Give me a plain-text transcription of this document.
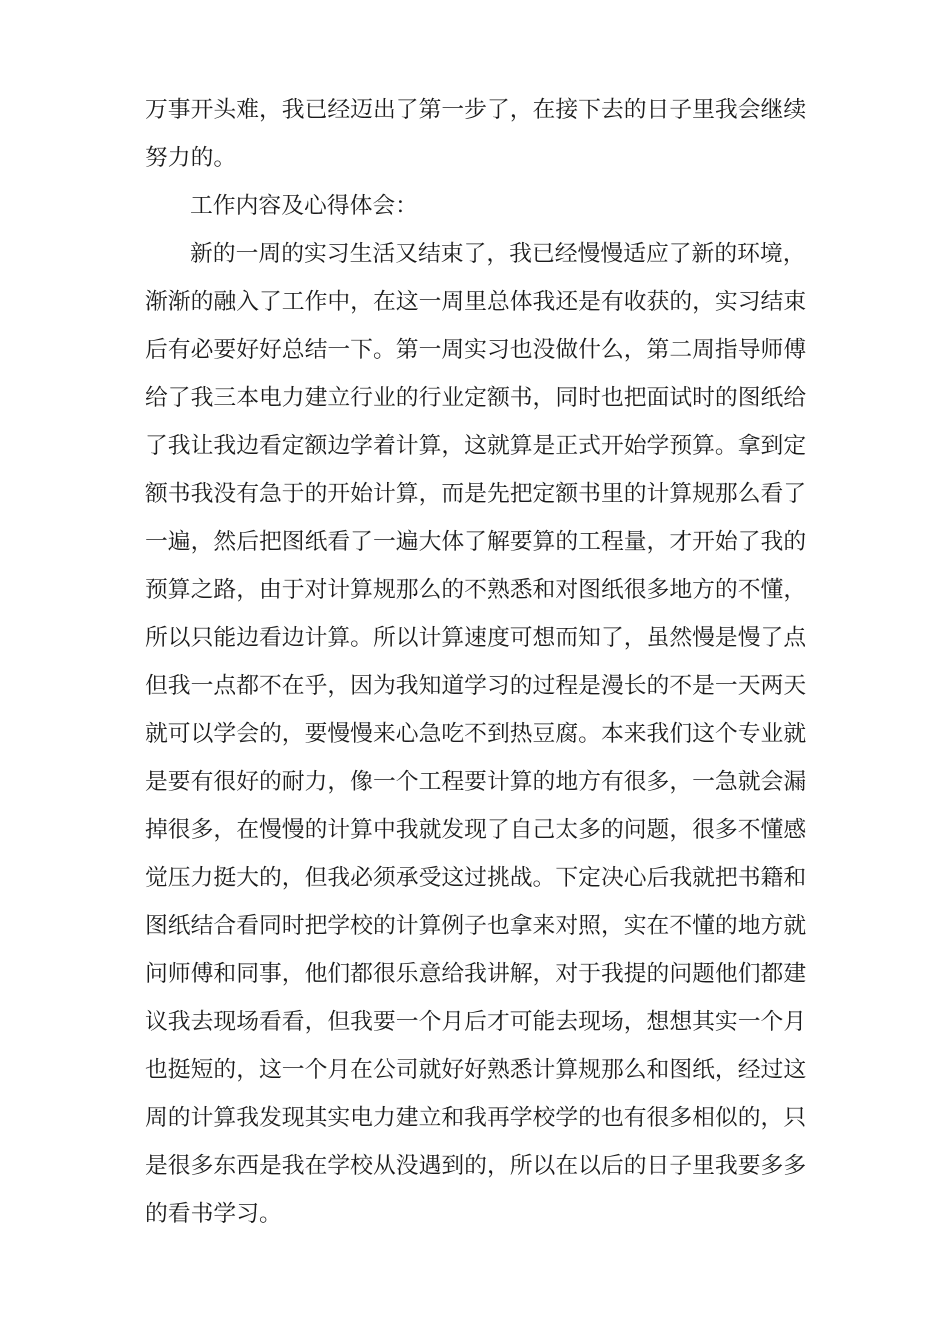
万事开头难，我已经迈出了第一步了，在接下去的日子里我会继续
努力的。
工作内容及心得体会：
新的一周的实习生活又结束了，我已经慢慢适应了新的环境，
渐渐的融入了工作中，在这一周里总体我还是有收获的，实习结束
后有必要好好总结一下。第一周实习也没做什么，第二周指导师傅
给了我三本电力建立行业的行业定额书，同时也把面试时的图纸给
了我让我边看定额边学着计算，这就算是正式开始学预算。拿到定
额书我没有急于的开始计算，而是先把定额书里的计算规那么看了
一遍，然后把图纸看了一遍大体了解要算的工程量，才开始了我的
预算之路，由于对计算规那么的不熟悉和对图纸很多地方的不懂，
所以只能边看边计算。所以计算速度可想而知了，虽然慢是慢了点
但我一点都不在乎，因为我知道学习的过程是漫长的不是一天两天
就可以学会的，要慢慢来心急吃不到热豆腐。本来我们这个专业就
是要有很好的耐力，像一个工程要计算的地方有很多，一急就会漏
掉很多，在慢慢的计算中我就发现了自己太多的问题，很多不懂感
觉压力挺大的，但我必须承受这过挑战。下定决心后我就把书籍和
图纸结合看同时把学校的计算例子也拿来对照，实在不懂的地方就
问师傅和同事，他们都很乐意给我讲解，对于我提的问题他们都建
议我去现场看看，但我要一个月后才可能去现场，想想其实一个月
也挺短的，这一个月在公司就好好熟悉计算规那么和图纸，经过这
周的计算我发现其实电力建立和我再学校学的也有很多相似的，只
是很多东西是我在学校从没遇到的，所以在以后的日子里我要多多
的看书学习。
